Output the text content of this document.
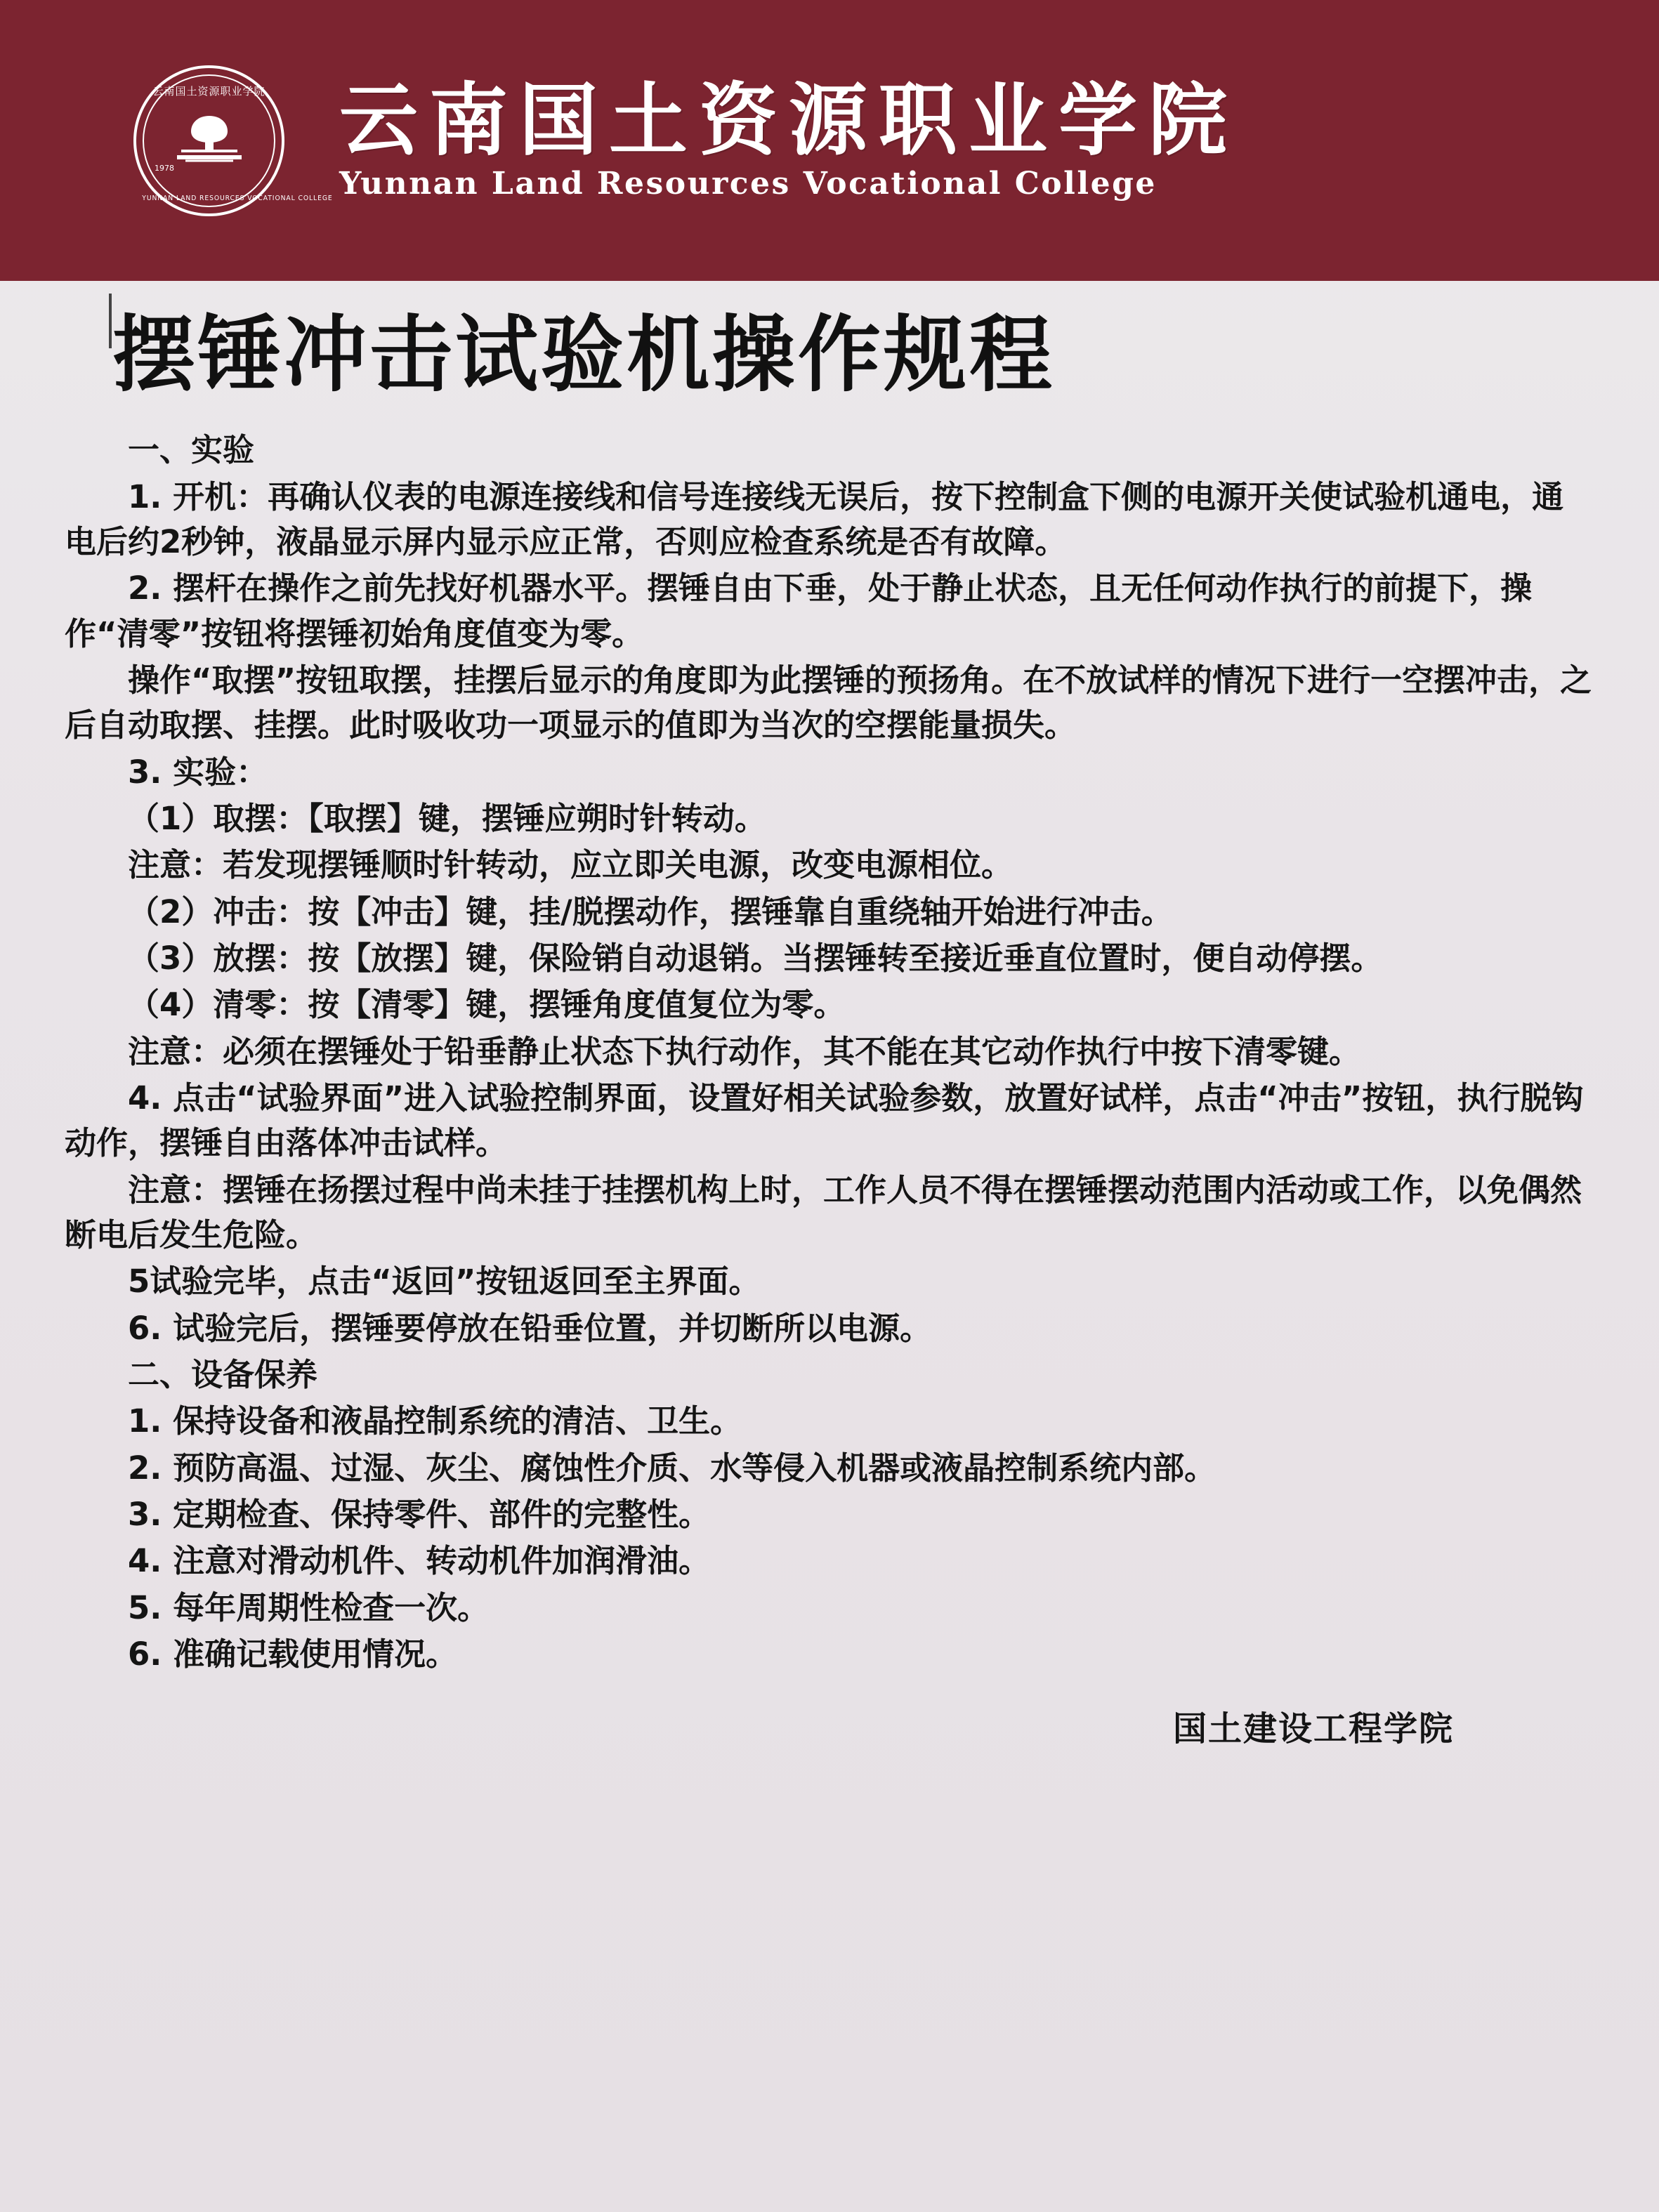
云南国土资源职业学院
YUNNAN LAND RESOURCES VOCATIONAL COLLEGE
1978
云南国土资源职业学院
Yunnan Land Resources Vocational College
摆锤冲击试验机操作规程

一、实验

1. 开机：再确认仪表的电源连接线和信号连接线无误后，按下控制盒下侧的电源开关使试验机通电，通电后约2秒钟，液晶显示屏内显示应正常，否则应检查系统是否有故障。

2. 摆杆在操作之前先找好机器水平。摆锤自由下垂，处于静止状态，且无任何动作执行的前提下，操作“清零”按钮将摆锤初始角度值变为零。

操作“取摆”按钮取摆，挂摆后显示的角度即为此摆锤的预扬角。在不放试样的情况下进行一空摆冲击，之后自动取摆、挂摆。此时吸收功一项显示的值即为当次的空摆能量损失。

3. 实验：

（1）取摆：【取摆】键，摆锤应朔时针转动。

注意：若发现摆锤顺时针转动，应立即关电源，改变电源相位。

（2）冲击：按【冲击】键，挂/脱摆动作，摆锤靠自重绕轴开始进行冲击。

（3）放摆：按【放摆】键，保险销自动退销。当摆锤转至接近垂直位置时，便自动停摆。

（4）清零：按【清零】键，摆锤角度值复位为零。

注意：必须在摆锤处于铅垂静止状态下执行动作，其不能在其它动作执行中按下清零键。

4. 点击“试验界面”进入试验控制界面，设置好相关试验参数，放置好试样，点击“冲击”按钮，执行脱钩动作，摆锤自由落体冲击试样。

注意：摆锤在扬摆过程中尚未挂于挂摆机构上时，工作人员不得在摆锤摆动范围内活动或工作，以免偶然断电后发生危险。

5试验完毕，点击“返回”按钮返回至主界面。

6. 试验完后，摆锤要停放在铅垂位置，并切断所以电源。

二、设备保养

1. 保持设备和液晶控制系统的清洁、卫生。

2. 预防高温、过湿、灰尘、腐蚀性介质、水等侵入机器或液晶控制系统内部。

3. 定期检查、保持零件、部件的完整性。

4. 注意对滑动机件、转动机件加润滑油。

5. 每年周期性检查一次。

6. 准确记载使用情况。

国土建设工程学院
